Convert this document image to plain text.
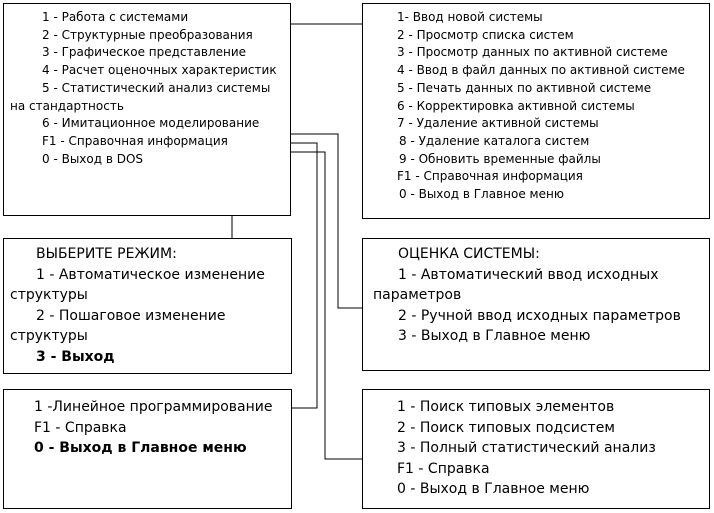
1 - Работа с системами
2 - Структурные преобразования
3 - Графическое представление
4 - Расчет оценочных характеристик
5 - Статистический анализ системы на стандартность
6 - Имитационное моделирование
F1 - Справочная информация
0 - Выход в DOS
1- Ввод новой системы
2 - Просмотр списка систем
3 - Просмотр данных по активной системе
4 - Ввод в файл данных по активной системе
5 - Печать данных по активной системе
6 - Корректировка активной системы
7 - Удаление активной системы
8 - Удаление каталога систем
9 - Обновить временные файлы
F1 - Справочная информация
0 - Выход в Главное меню
ВЫБЕРИТЕ РЕЖИМ:
1 - Автоматическое изменение структуры
2 - Пошаговое изменение структуры
3 - Выход
ОЦЕНКА СИСТЕМЫ:
1 - Автоматический ввод исходных параметров
2 - Ручной ввод исходных параметров
3 - Выход в Главное меню
1 -Линейное программирование
F1 - Справка
0 - Выход в Главное меню
1 - Поиск типовых элементов
2 - Поиск типовых подсистем
3 - Полный статистический анализ
F1 - Справка
0 - Выход в Главное меню
